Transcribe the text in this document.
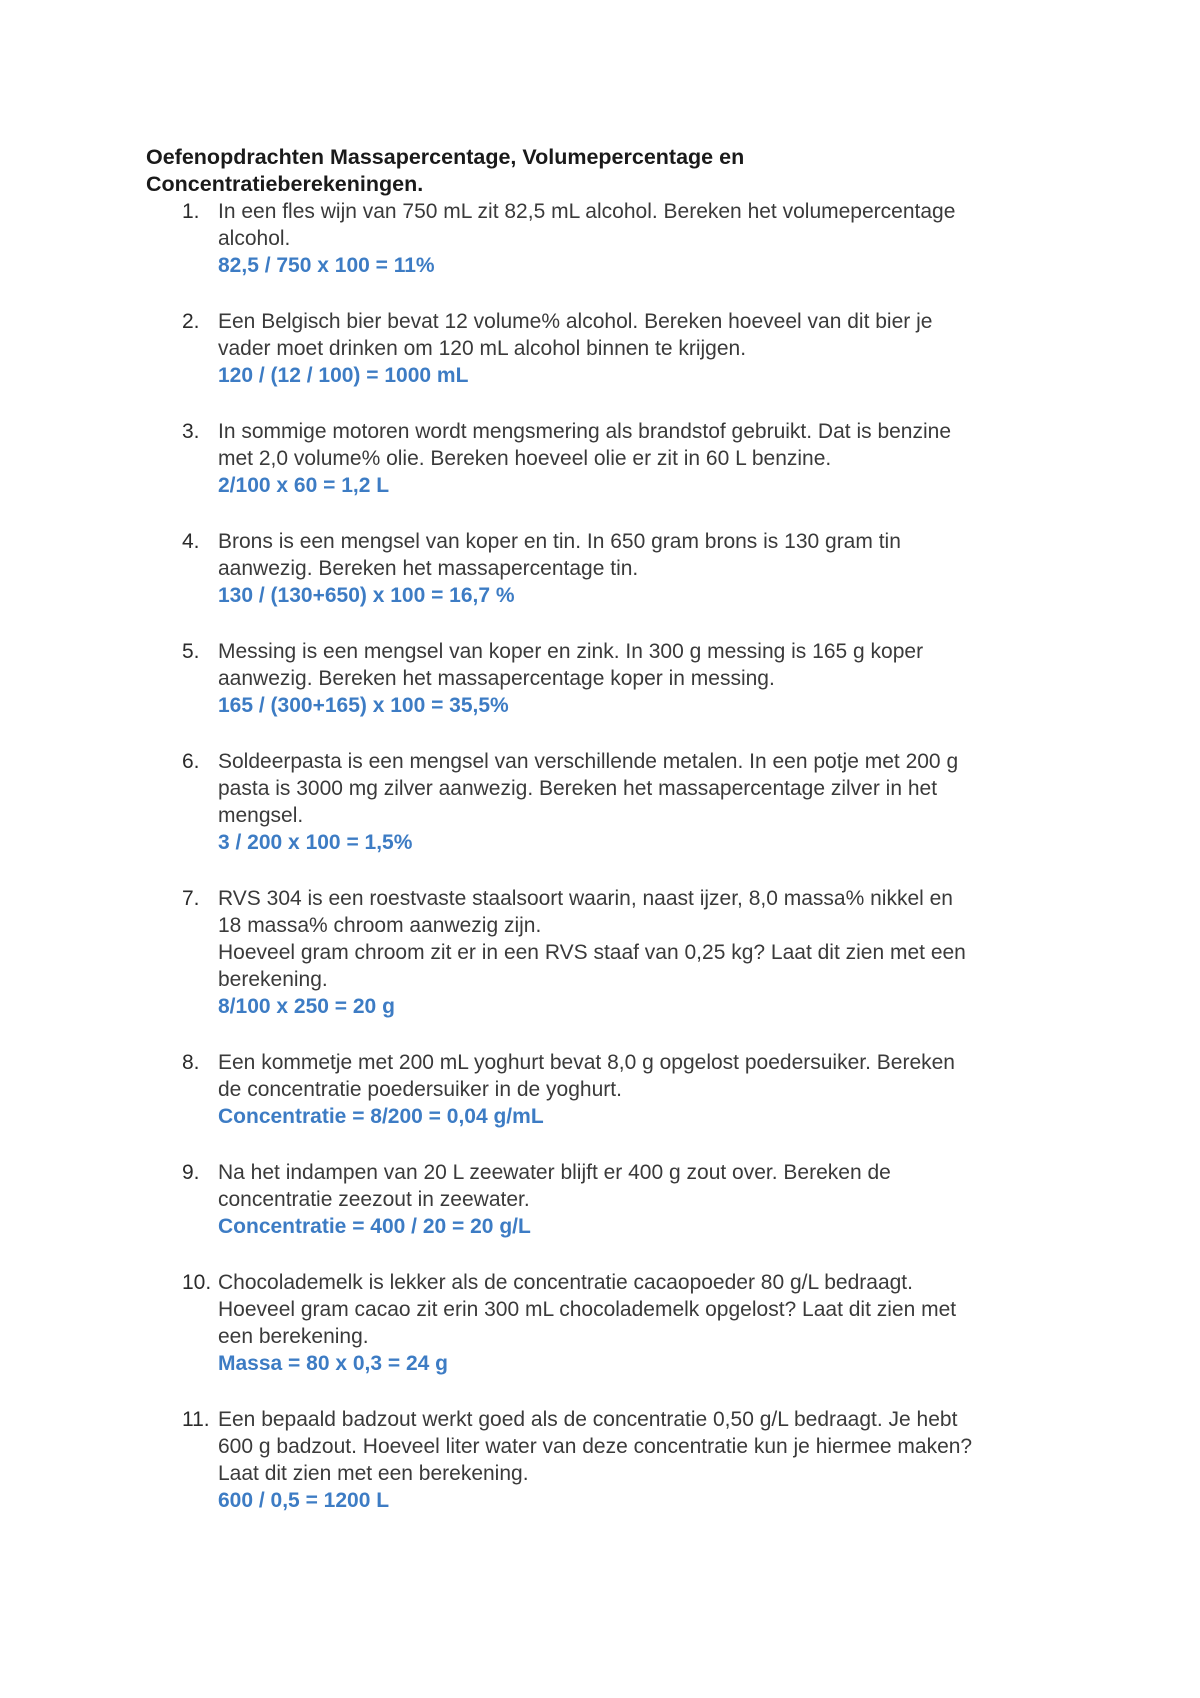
Oefenopdrachten Massapercentage, Volumepercentage en
Concentratieberekeningen.
1. In een fles wijn van 750 mL zit 82,5 mL alcohol. Bereken het volumepercentage
alcohol.
82,5 / 750 x 100 = 11%
2. Een Belgisch bier bevat 12 volume% alcohol. Bereken hoeveel van dit bier je
vader moet drinken om 120 mL alcohol binnen te krijgen.
120 / (12 / 100) = 1000 mL
3. In sommige motoren wordt mengsmering als brandstof gebruikt. Dat is benzine
met 2,0 volume% olie. Bereken hoeveel olie er zit in 60 L benzine.
2/100 x 60 = 1,2 L
4. Brons is een mengsel van koper en tin. In 650 gram brons is 130 gram tin
aanwezig. Bereken het massapercentage tin.
130 / (130+650) x 100 = 16,7 %
5. Messing is een mengsel van koper en zink. In 300 g messing is 165 g koper
aanwezig. Bereken het massapercentage koper in messing.
165 / (300+165) x 100 = 35,5%
6. Soldeerpasta is een mengsel van verschillende metalen. In een potje met 200 g
pasta is 3000 mg zilver aanwezig. Bereken het massapercentage zilver in het
mengsel.
3 / 200 x 100 = 1,5%
7. RVS 304 is een roestvaste staalsoort waarin, naast ijzer, 8,0 massa% nikkel en
18 massa% chroom aanwezig zijn.
Hoeveel gram chroom zit er in een RVS staaf van 0,25 kg? Laat dit zien met een
berekening.
8/100 x 250 = 20 g
8. Een kommetje met 200 mL yoghurt bevat 8,0 g opgelost poedersuiker. Bereken
de concentratie poedersuiker in de yoghurt.
Concentratie = 8/200 = 0,04 g/mL
9. Na het indampen van 20 L zeewater blijft er 400 g zout over. Bereken de
concentratie zeezout in zeewater.
Concentratie = 400 / 20 = 20 g/L
10. Chocolademelk is lekker als de concentratie cacaopoeder 80 g/L bedraagt.
Hoeveel gram cacao zit erin 300 mL chocolademelk opgelost? Laat dit zien met
een berekening.
Massa = 80 x 0,3 = 24 g
11. Een bepaald badzout werkt goed als de concentratie 0,50 g/L bedraagt. Je hebt
600 g badzout. Hoeveel liter water van deze concentratie kun je hiermee maken?
Laat dit zien met een berekening.
600 / 0,5 = 1200 L
